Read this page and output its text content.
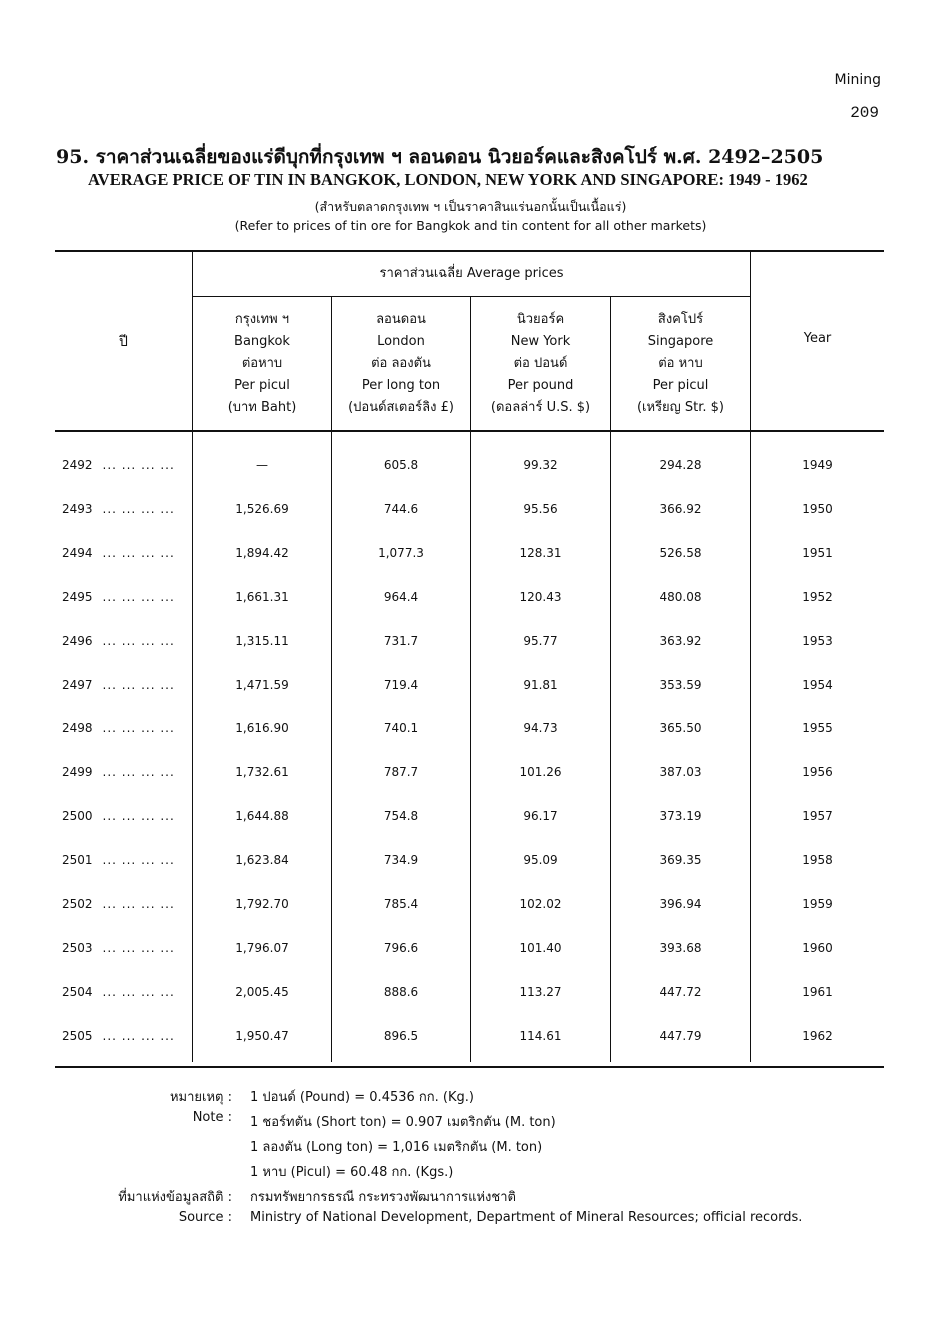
Mining
209
95. ราคาส่วนเฉลี่ยของแร่ดีบุกที่กรุงเทพ ฯ ลอนดอน นิวยอร์คและสิงคโปร์ พ.ศ. 2492–2505
AVERAGE PRICE OF TIN IN BANGKOK, LONDON, NEW YORK AND SINGAPORE: 1949 - 1962
(สำหรับตลาดกรุงเทพ ฯ เป็นราคาสินแร่นอกนั้นเป็นเนื้อแร่)
(Refer to prices of tin ore for Bangkok and tin content for all other markets)
ปี	Year
ราคาส่วนเฉลี่ย Average prices
กรุงเทพ ฯ
Bangkok
ต่อหาบ
Per picul
(บาท Baht)
ลอนดอน
London
ต่อ ลองตัน
Per long ton
(ปอนด์สเตอร์ลิง £)
นิวยอร์ค
New York
ต่อ ปอนด์
Per pound
(ดอลล่าร์ U.S. $)
สิงคโปร์
Singapore
ต่อ หาบ
Per picul
(เหรียญ Str. $)
2492 ... ... ... ...	—	605.8	99.32	294.28	1949
2493 ... ... ... ...	1,526.69	744.6	95.56	366.92	1950
2494 ... ... ... ...	1,894.42	1,077.3	128.31	526.58	1951
2495 ... ... ... ...	1,661.31	964.4	120.43	480.08	1952
2496 ... ... ... ...	1,315.11	731.7	95.77	363.92	1953
2497 ... ... ... ...	1,471.59	719.4	91.81	353.59	1954
2498 ... ... ... ...	1,616.90	740.1	94.73	365.50	1955
2499 ... ... ... ...	1,732.61	787.7	101.26	387.03	1956
2500 ... ... ... ...	1,644.88	754.8	96.17	373.19	1957
2501 ... ... ... ...	1,623.84	734.9	95.09	369.35	1958
2502 ... ... ... ...	1,792.70	785.4	102.02	396.94	1959
2503 ... ... ... ...	1,796.07	796.6	101.40	393.68	1960
2504 ... ... ... ...	2,005.45	888.6	113.27	447.72	1961
2505 ... ... ... ...	1,950.47	896.5	114.61	447.79	1962
หมายเหตุ :
Note :
1 ปอนด์ (Pound) = 0.4536 กก. (Kg.)
1 ชอร์ทตัน (Short ton) = 0.907 เมตริกตัน (M. ton)
1 ลองตัน (Long ton) = 1,016 เมตริกตัน (M. ton)
1 หาบ (Picul) = 60.48 กก. (Kgs.)
ที่มาแห่งข้อมูลสถิติ :
Source :
กรมทรัพยากรธรณี กระทรวงพัฒนาการแห่งชาติ
Ministry of National Development, Department of Mineral Resources; official records.
